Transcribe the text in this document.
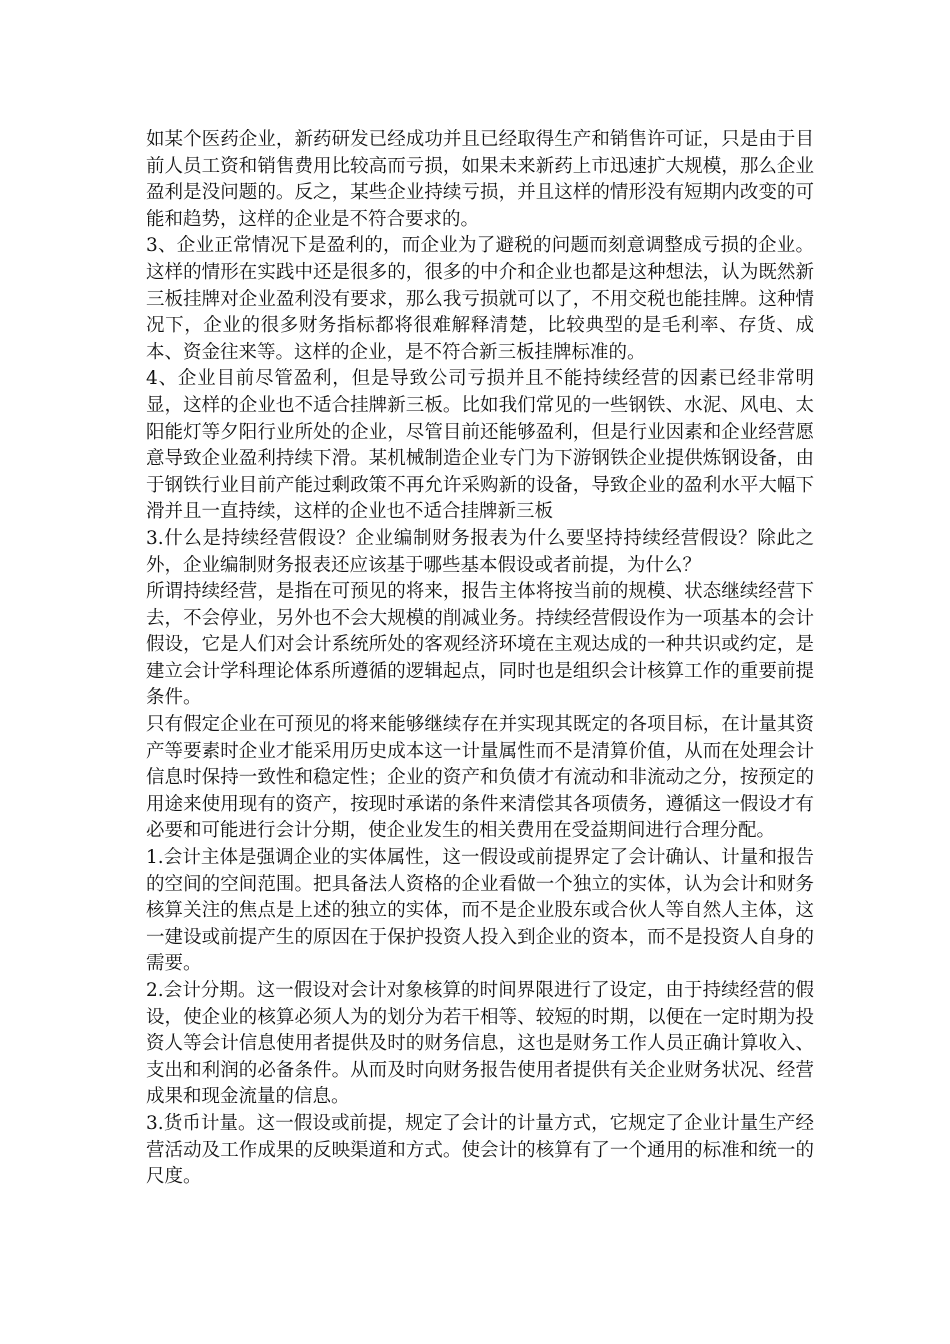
如某个医药企业，新药研发已经成功并且已经取得生产和销售许可证，只是由于目前人员工资和销售费用比较高而亏损，如果未来新药上市迅速扩大规模，那么企业盈利是没问题的。反之，某些企业持续亏损，并且这样的情形没有短期内改变的可能和趋势，这样的企业是不符合要求的。

3、企业正常情况下是盈利的，而企业为了避税的问题而刻意调整成亏损的企业。这样的情形在实践中还是很多的，很多的中介和企业也都是这种想法，认为既然新三板挂牌对企业盈利没有要求，那么我亏损就可以了，不用交税也能挂牌。这种情况下，企业的很多财务指标都将很难解释清楚，比较典型的是毛利率、存货、成本、资金往来等。这样的企业，是不符合新三板挂牌标准的。

4、企业目前尽管盈利，但是导致公司亏损并且不能持续经营的因素已经非常明显，这样的企业也不适合挂牌新三板。比如我们常见的一些钢铁、水泥、风电、太阳能灯等夕阳行业所处的企业，尽管目前还能够盈利，但是行业因素和企业经营愿意导致企业盈利持续下滑。某机械制造企业专门为下游钢铁企业提供炼钢设备，由于钢铁行业目前产能过剩政策不再允许采购新的设备，导致企业的盈利水平大幅下滑并且一直持续，这样的企业也不适合挂牌新三板

3.什么是持续经营假设？企业编制财务报表为什么要坚持持续经营假设？除此之外，企业编制财务报表还应该基于哪些基本假设或者前提，为什么？

所谓持续经营，是指在可预见的将来，报告主体将按当前的规模、状态继续经营下去，不会停业，另外也不会大规模的削减业务。持续经营假设作为一项基本的会计假设，它是人们对会计系统所处的客观经济环境在主观达成的一种共识或约定，是建立会计学科理论体系所遵循的逻辑起点，同时也是组织会计核算工作的重要前提条件。

只有假定企业在可预见的将来能够继续存在并实现其既定的各项目标，在计量其资产等要素时企业才能采用历史成本这一计量属性而不是清算价值，从而在处理会计信息时保持一致性和稳定性；企业的资产和负债才有流动和非流动之分，按预定的用途来使用现有的资产，按现时承诺的条件来清偿其各项债务，遵循这一假设才有必要和可能进行会计分期，使企业发生的相关费用在受益期间进行合理分配。

1.会计主体是强调企业的实体属性，这一假设或前提界定了会计确认、计量和报告的空间的空间范围。把具备法人资格的企业看做一个独立的实体，认为会计和财务核算关注的焦点是上述的独立的实体，而不是企业股东或合伙人等自然人主体，这一建设或前提产生的原因在于保护投资人投入到企业的资本，而不是投资人自身的需要。

2.会计分期。这一假设对会计对象核算的时间界限进行了设定，由于持续经营的假设，使企业的核算必须人为的划分为若干相等、较短的时期，以便在一定时期为投资人等会计信息使用者提供及时的财务信息，这也是财务工作人员正确计算收入、支出和利润的必备条件。从而及时向财务报告使用者提供有关企业财务状况、经营成果和现金流量的信息。

3.货币计量。这一假设或前提，规定了会计的计量方式，它规定了企业计量生产经营活动及工作成果的反映渠道和方式。使会计的核算有了一个通用的标准和统一的尺度。
